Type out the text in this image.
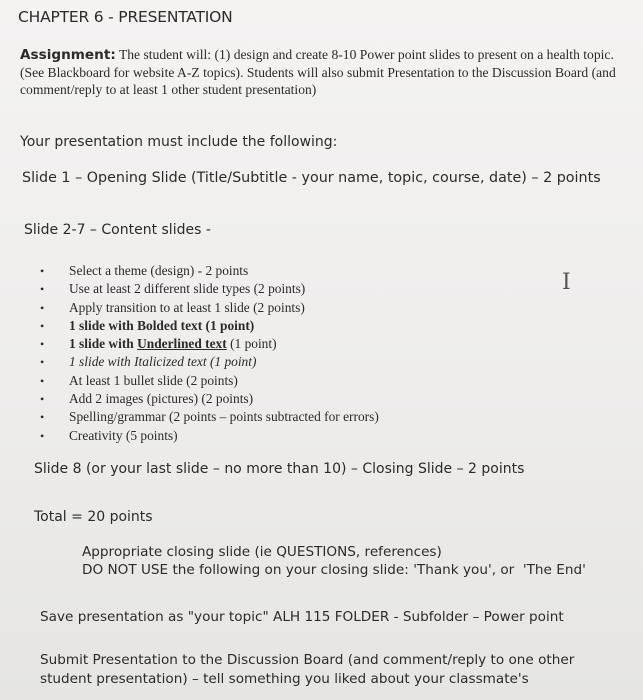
CHAPTER 6 - PRESENTATION
Assignment: The student will: (1) design and create 8-10 Power point slides to present on a health topic. (See Blackboard for website A-Z topics). Students will also submit Presentation to the Discussion Board (and comment/reply to at least 1 other student presentation)
Your presentation must include the following:
Slide 1 – Opening Slide (Title/Subtitle - your name, topic, course, date) – 2 points
Slide 2-7 – Content slides -
• Select a theme (design) - 2 points
• Use at least 2 different slide types (2 points)
• Apply transition to at least 1 slide (2 points)
• 1 slide with Bolded text (1 point)
• 1 slide with Underlined text (1 point)
• 1 slide with Italicized text (1 point)
• At least 1 bullet slide (2 points)
• Add 2 images (pictures) (2 points)
• Spelling/grammar (2 points – points subtracted for errors)
• Creativity (5 points)
I
Slide 8 (or your last slide – no more than 10) – Closing Slide – 2 points
Total = 20 points
Appropriate closing slide (ie QUESTIONS, references)
DO NOT USE the following on your closing slide: 'Thank you', or  'The End'
Save presentation as "your topic" ALH 115 FOLDER - Subfolder – Power point
Submit Presentation to the Discussion Board (and comment/reply to one other student presentation) – tell something you liked about your classmate's
